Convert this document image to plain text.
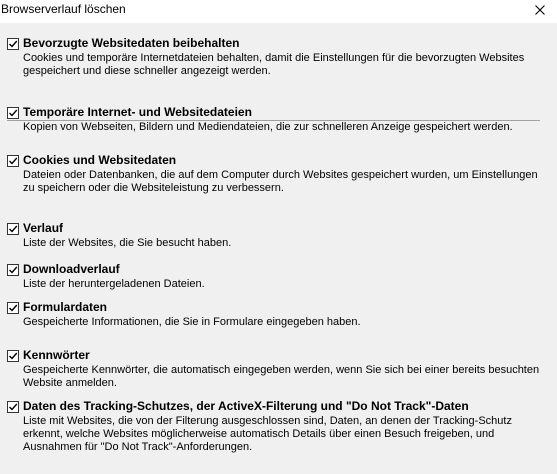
Browserverlauf löschen
Bevorzugte Websitedaten beibehalten
Cookies und temporäre Internetdateien behalten, damit die Einstellungen für die bevorzugten Websites gespeichert und diese schneller angezeigt werden.
Temporäre Internet- und Websitedateien
Kopien von Webseiten, Bildern und Mediendateien, die zur schnelleren Anzeige gespeichert werden.
Cookies und Websitedaten
Dateien oder Datenbanken, die auf dem Computer durch Websites gespeichert wurden, um Einstellungen zu speichern oder die Websiteleistung zu verbessern.
Verlauf
Liste der Websites, die Sie besucht haben.
Downloadverlauf
Liste der heruntergeladenen Dateien.
Formulardaten
Gespeicherte Informationen, die Sie in Formulare eingegeben haben.
Kennwörter
Gespeicherte Kennwörter, die automatisch eingegeben werden, wenn Sie sich bei einer bereits besuchten Website anmelden.
Daten des Tracking-Schutzes, der ActiveX-Filterung und "Do Not Track"-Daten
Liste mit Websites, die von der Filterung ausgeschlossen sind, Daten, an denen der Tracking-Schutz erkennt, welche Websites möglicherweise automatisch Details über einen Besuch freigeben, und Ausnahmen für "Do Not Track"-Anforderungen.
